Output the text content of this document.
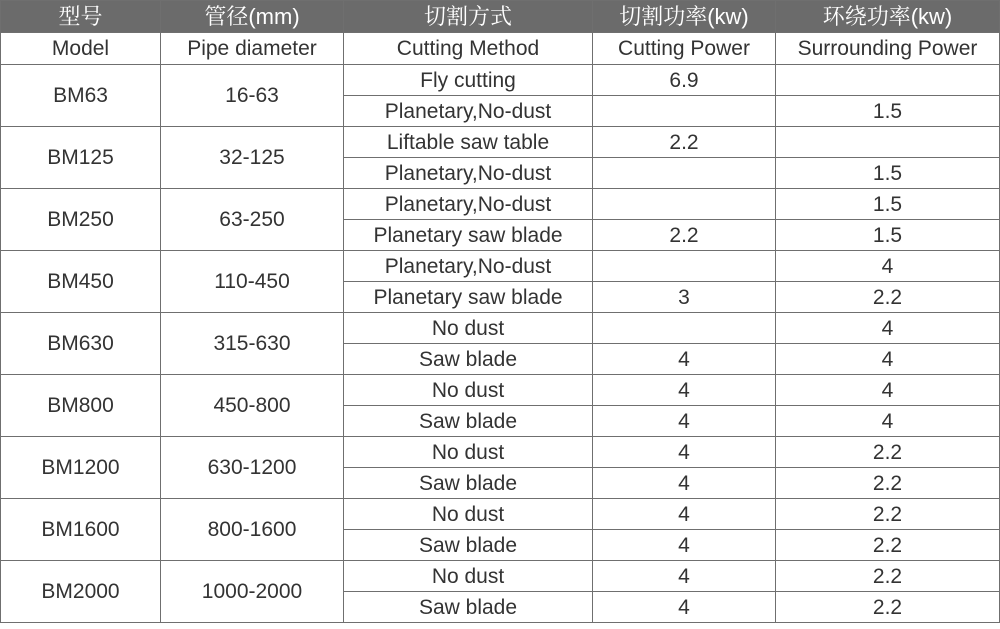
型号	管径(mm)	切割方式	切割功率(kw)	环绕功率(kw)
Model	Pipe diameter	Cutting Method	Cutting Power	Surrounding Power
BM63	16-63	Fly cutting	6.9	
		Planetary,No-dust		1.5
BM125	32-125	Liftable saw table	2.2	
		Planetary,No-dust		1.5
BM250	63-250	Planetary,No-dust		1.5
		Planetary saw blade	2.2	1.5
BM450	110-450	Planetary,No-dust		4
		Planetary saw blade	3	2.2
BM630	315-630	No dust		4
		Saw blade	4	4
BM800	450-800	No dust	4	4
		Saw blade	4	4
BM1200	630-1200	No dust	4	2.2
		Saw blade	4	2.2
BM1600	800-1600	No dust	4	2.2
		Saw blade	4	2.2
BM2000	1000-2000	No dust	4	2.2
		Saw blade	4	2.2
